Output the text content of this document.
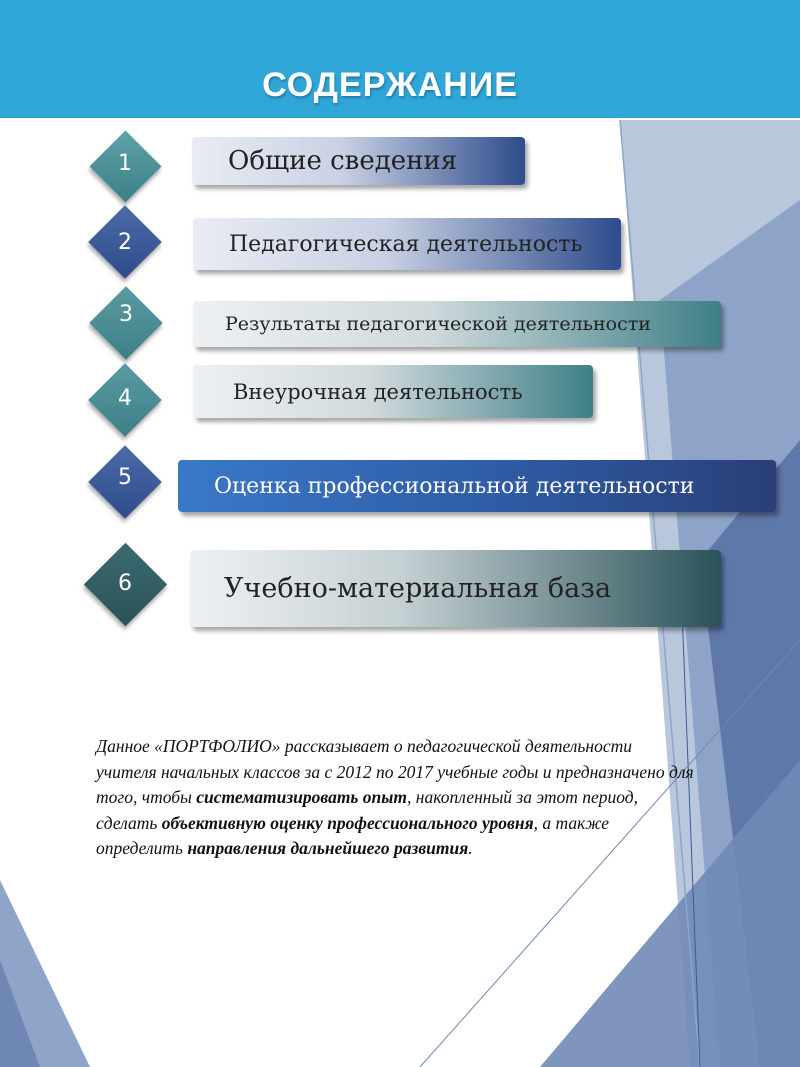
СОДЕРЖАНИЕ
1	Общие сведения
2	Педагогическая деятельность
3	Результаты педагогической деятельности
4	Внеурочная деятельность
5	Оценка профессиональной деятельности
6	Учебно-материальная база
Данное «ПОРТФОЛИО» рассказывает о педагогической деятельности учителя начальных классов за с 2012 по 2017 учебные годы и предназначено для того, чтобы систематизировать опыт, накопленный за этот период, сделать объективную оценку профессионального уровня, а также определить направления дальнейшего развития.
